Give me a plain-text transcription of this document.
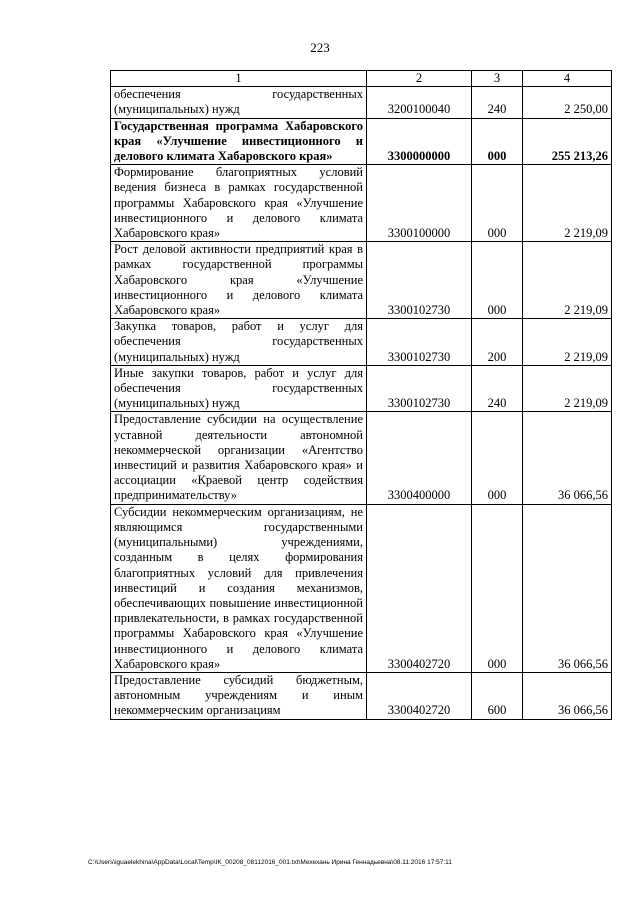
223
1	2	3	4
обеспечения государственных (муниципальных) нужд	3200100040	240	2 250,00
Государственная программа Хабаровского края «Улучшение инвестиционного и делового климата Хабаровского края»	3300000000	000	255 213,26
Формирование благоприятных условий ведения бизнеса в рамках государственной программы Хабаровского края «Улучшение инвестиционного и делового климата Хабаровского края»	3300100000	000	2 219,09
Рост деловой активности предприятий края в рамках государственной программы Хабаровского края «Улучшение инвестиционного и делового климата Хабаровского края»	3300102730	000	2 219,09
Закупка товаров, работ и услуг для обеспечения государственных (муниципальных) нужд	3300102730	200	2 219,09
Иные закупки товаров, работ и услуг для обеспечения государственных (муниципальных) нужд	3300102730	240	2 219,09
Предоставление субсидии на осуществление уставной деятельности автономной некоммерческой организации «Агентство инвестиций и развития Хабаровского края» и ассоциации «Краевой центр содействия предпринимательству»	3300400000	000	36 066,56
Субсидии некоммерческим организациям, не являющимся государственными (муниципальными) учреждениями, созданным в целях формирования благоприятных условий для привлечения инвестиций и создания механизмов, обеспечивающих повышение инвестиционной привлекательности, в рамках государственной программы Хабаровского края «Улучшение инвестиционного и делового климата Хабаровского края»	3300402720	000	36 066,56
Предоставление субсидий бюджетным, автономным учреждениям и иным некоммерческим организациям	3300402720	600	36 066,56
C:\Users\iguaelekhina\AppData\Local\Temp\IK_00208_08112016_001.txt\Мехехань Ирина Геннадьевна\08.11.2016 17:57:11
